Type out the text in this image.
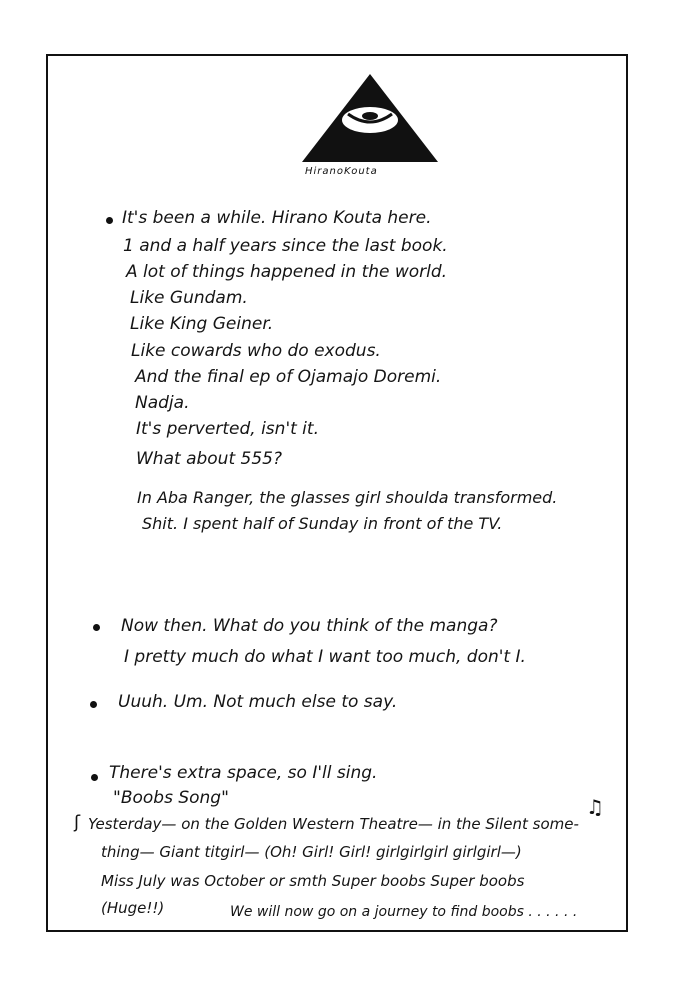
HiranoKouta
It's been a while. Hirano Kouta here.
1 and a half years since the last book.
A lot of things happened in the world.
Like Gundam.
Like King Geiner.
Like cowards who do exodus.
And the final ep of Ojamajo Doremi.
Nadja.
It's perverted, isn't it.
What about 555?
In Aba Ranger, the glasses girl shoulda transformed.
Shit. I spent half of Sunday in front of the TV.
Now then. What do you think of the manga?
I pretty much do what I want too much, don't I.
Uuuh. Um. Not much else to say.
There's extra space, so I'll sing.
"Boobs Song"	♫
ʃ Yesterday— on the Golden Western Theatre— in the Silent some-
thing— Giant titgirl— (Oh! Girl! Girl! girlgirlgirl girlgirl—)
Miss July was October or smth Super boobs Super boobs
(Huge!!)	We will now go on a journey to find boobs . . . . . .
